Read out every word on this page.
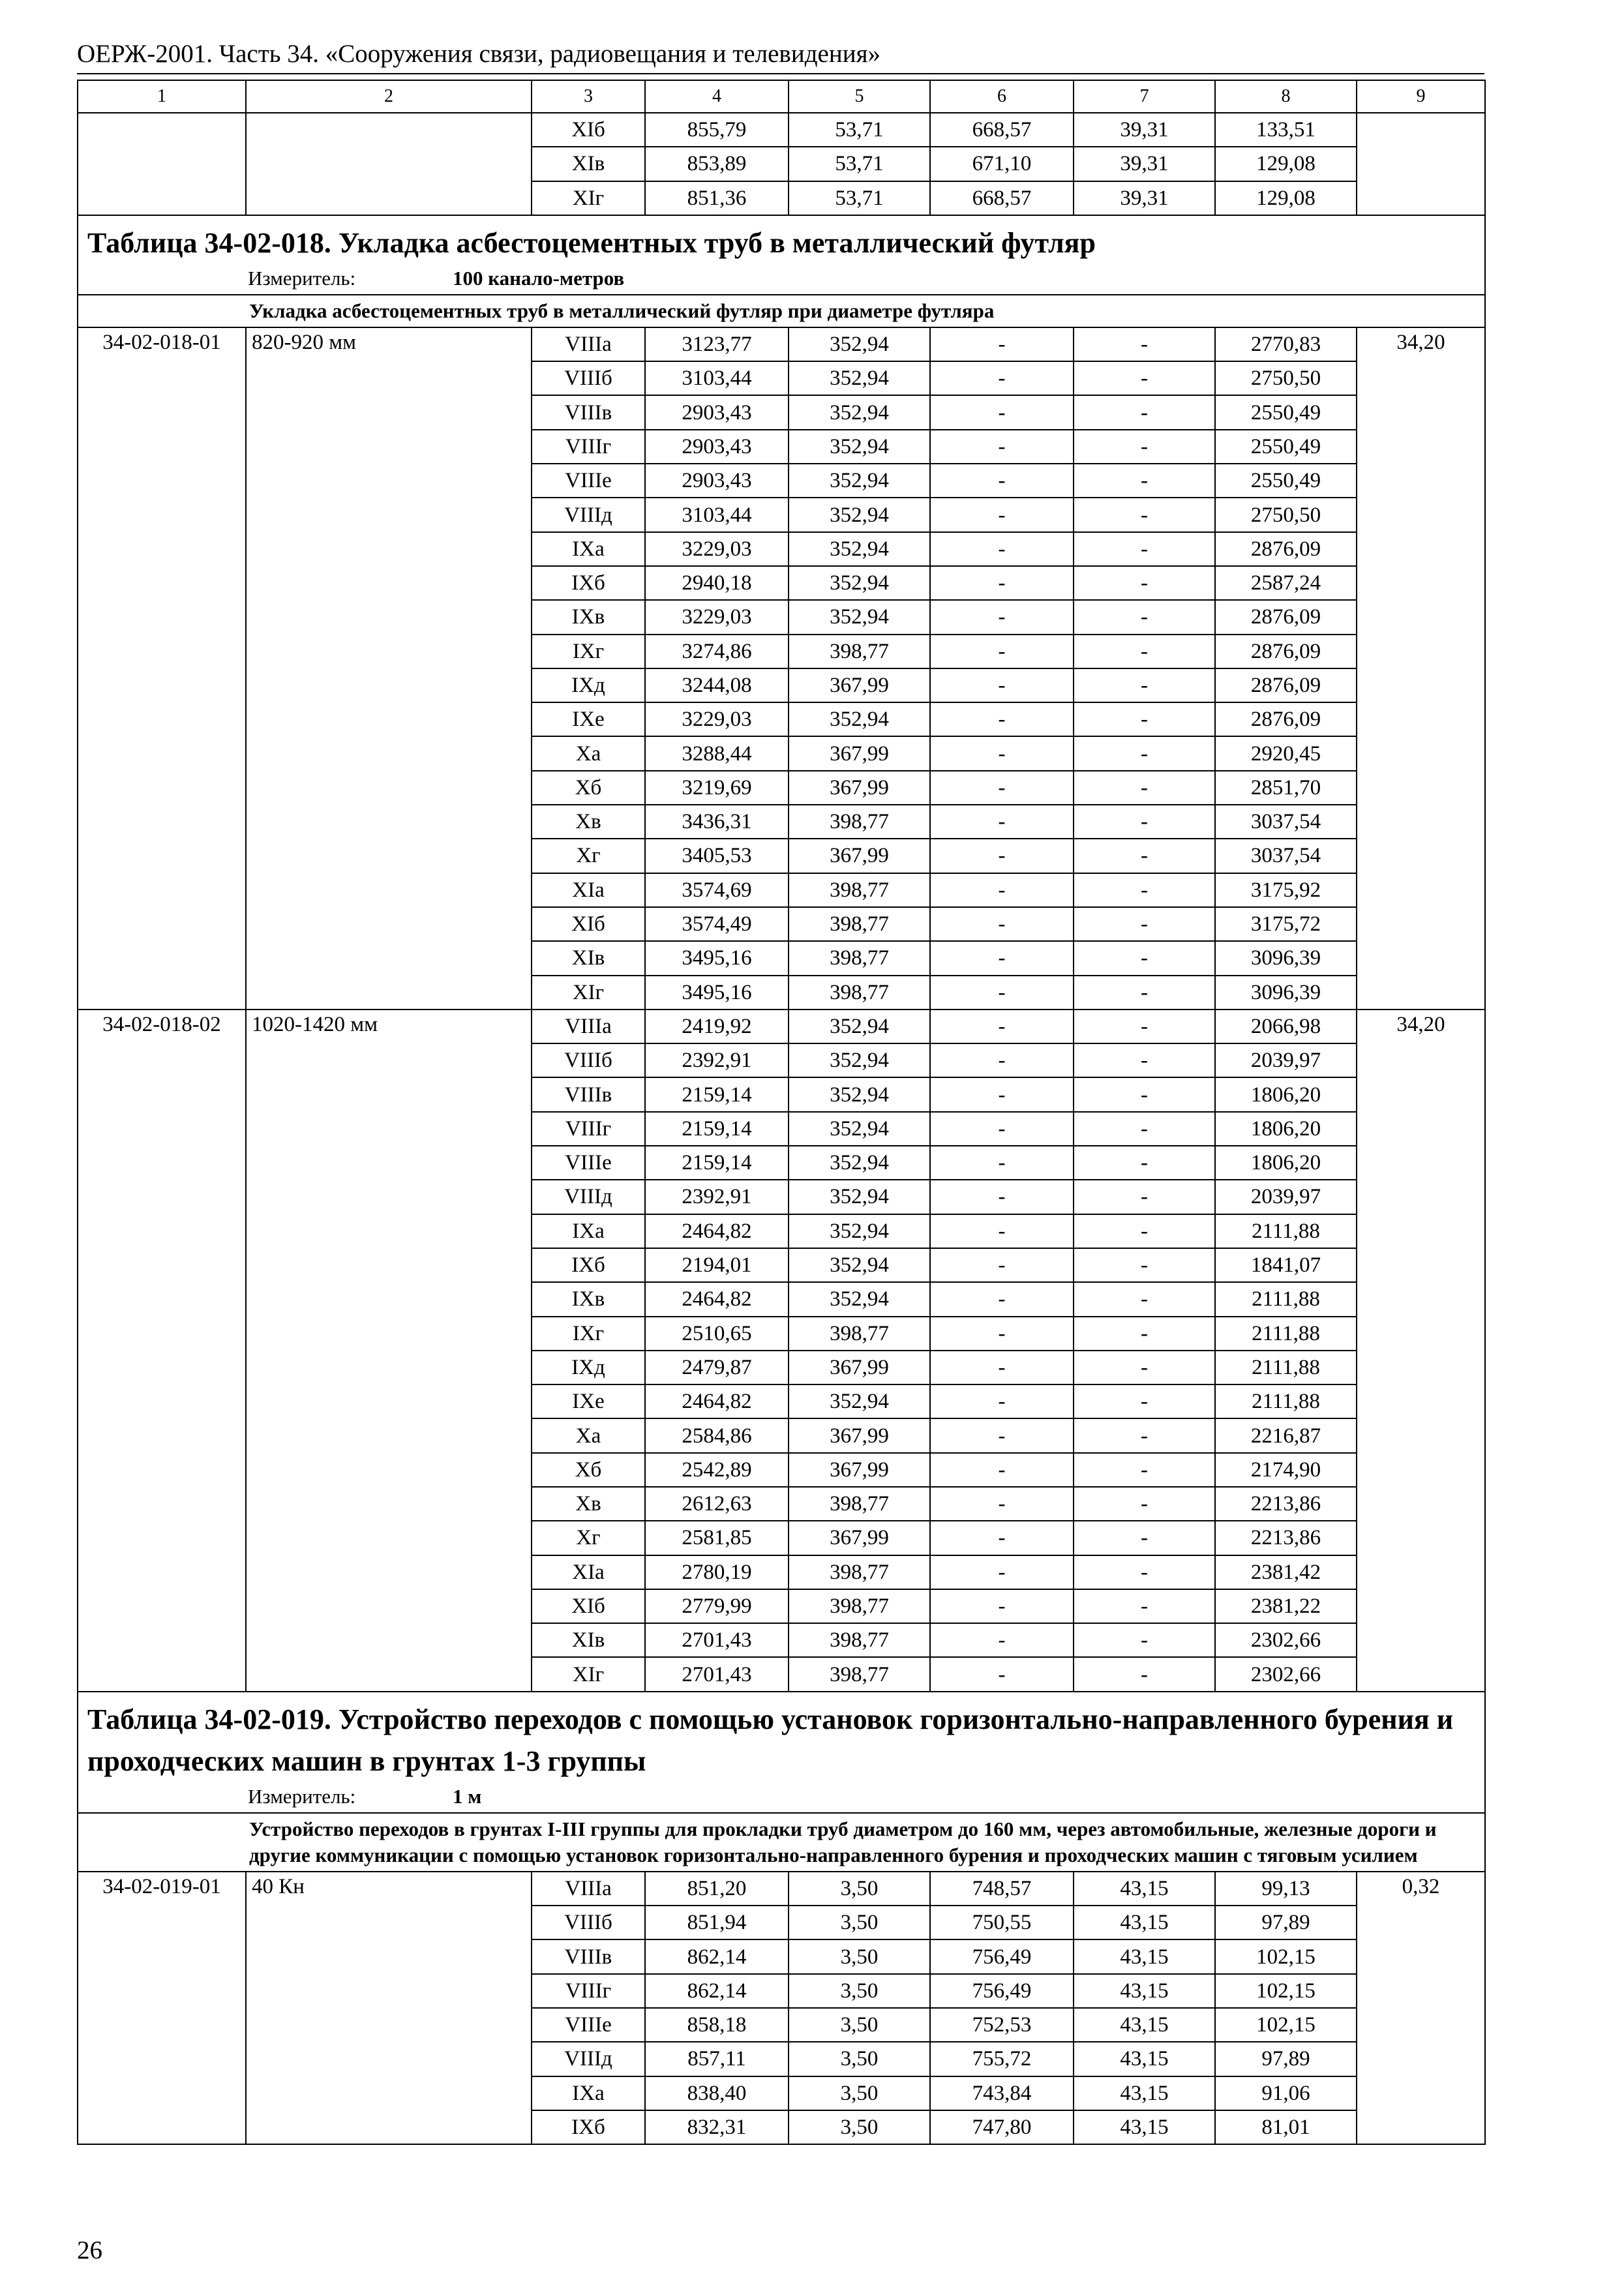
ОЕРЖ-2001. Часть 34. «Сооружения связи, радиовещания и телевидения»
1	2	3	4	5	6	7	8	9
		XIб	855,79	53,71	668,57	39,31	133,51	
		XIв	853,89	53,71	671,10	39,31	129,08	
		XIг	851,36	53,71	668,57	39,31	129,08	

Таблица 34-02-018. Укладка асбестоцементных труб в металлический футляр
Измеритель: 100 канало-метров								

Укладка асбестоцементных труб в металлический футляр при диаметре футляра								
34-02-018-01	820-920 мм	VIIIа	3123,77	352,94	-	-	2770,83	34,20
		VIIIб	3103,44	352,94	-	-	2750,50	
		VIIIв	2903,43	352,94	-	-	2550,49	
		VIIIг	2903,43	352,94	-	-	2550,49	
		VIIIе	2903,43	352,94	-	-	2550,49	
		VIIIд	3103,44	352,94	-	-	2750,50	
		IXа	3229,03	352,94	-	-	2876,09	
		IXб	2940,18	352,94	-	-	2587,24	
		IXв	3229,03	352,94	-	-	2876,09	
		IXг	3274,86	398,77	-	-	2876,09	
		IXд	3244,08	367,99	-	-	2876,09	
		IXе	3229,03	352,94	-	-	2876,09	
		Xа	3288,44	367,99	-	-	2920,45	
		Xб	3219,69	367,99	-	-	2851,70	
		Xв	3436,31	398,77	-	-	3037,54	
		Xг	3405,53	367,99	-	-	3037,54	
		XIа	3574,69	398,77	-	-	3175,92	
		XIб	3574,49	398,77	-	-	3175,72	
		XIв	3495,16	398,77	-	-	3096,39	
		XIг	3495,16	398,77	-	-	3096,39	
34-02-018-02	1020-1420 мм	VIIIа	2419,92	352,94	-	-	2066,98	34,20
		VIIIб	2392,91	352,94	-	-	2039,97	
		VIIIв	2159,14	352,94	-	-	1806,20	
		VIIIг	2159,14	352,94	-	-	1806,20	
		VIIIе	2159,14	352,94	-	-	1806,20	
		VIIIд	2392,91	352,94	-	-	2039,97	
		IXа	2464,82	352,94	-	-	2111,88	
		IXб	2194,01	352,94	-	-	1841,07	
		IXв	2464,82	352,94	-	-	2111,88	
		IXг	2510,65	398,77	-	-	2111,88	
		IXд	2479,87	367,99	-	-	2111,88	
		IXе	2464,82	352,94	-	-	2111,88	
		Xа	2584,86	367,99	-	-	2216,87	
		Xб	2542,89	367,99	-	-	2174,90	
		Xв	2612,63	398,77	-	-	2213,86	
		Xг	2581,85	367,99	-	-	2213,86	
		XIа	2780,19	398,77	-	-	2381,42	
		XIб	2779,99	398,77	-	-	2381,22	
		XIв	2701,43	398,77	-	-	2302,66	
		XIг	2701,43	398,77	-	-	2302,66	

Таблица 34-02-019. Устройство переходов с помощью установок горизонтально-направленного бурения и проходческих машин в грунтах 1-3 группы
Измеритель: 1 м								

Устройство переходов в грунтах I-III группы для прокладки труб диаметром до 160 мм, через автомобильные, железные дороги и другие коммуникации с помощью установок горизонтально-направленного бурения и проходческих машин с тяговым усилием								
34-02-019-01	40 Кн	VIIIа	851,20	3,50	748,57	43,15	99,13	0,32
		VIIIб	851,94	3,50	750,55	43,15	97,89	
		VIIIв	862,14	3,50	756,49	43,15	102,15	
		VIIIг	862,14	3,50	756,49	43,15	102,15	
		VIIIе	858,18	3,50	752,53	43,15	102,15	
		VIIIд	857,11	3,50	755,72	43,15	97,89	
		IXа	838,40	3,50	743,84	43,15	91,06	
		IXб	832,31	3,50	747,80	43,15	81,01	
26
